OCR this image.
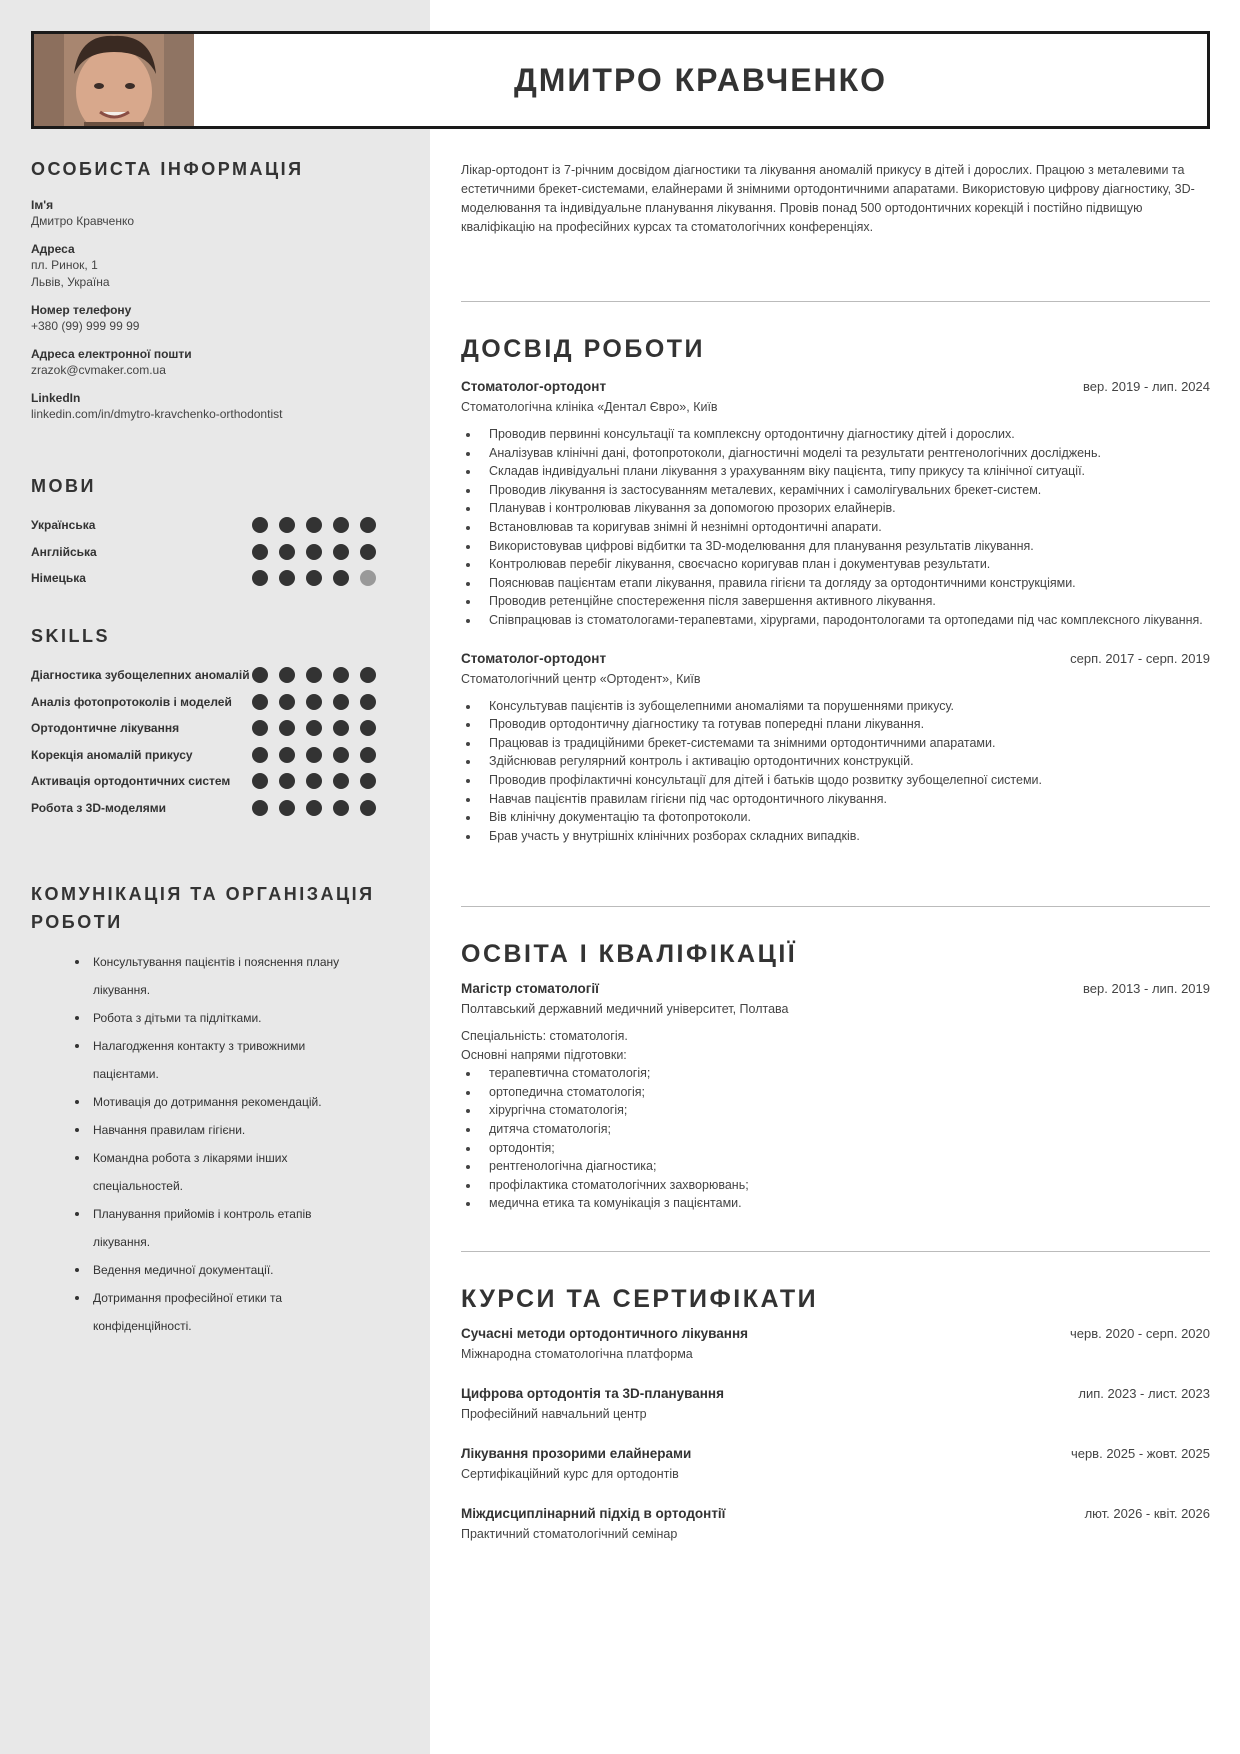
ДМИТРО КРАВЧЕНКО
ОСОБИСТА ІНФОРМАЦІЯ
Ім'я
Дмитро Кравченко
Адреса
пл. Ринок, 1
Львів, Україна
Номер телефону
+380 (99) 999 99 99
Адреса електронної пошти
zrazok@cvmaker.com.ua
LinkedIn
linkedin.com/in/dmytro-kravchenko-orthodontist
МОВИ
Українська
Англійська
Німецька
SKILLS
Діагностика зубощелепних аномалій
Аналіз фотопротоколів і моделей
Ортодонтичне лікування
Корекція аномалій прикусу
Активація ортодонтичних систем
Робота з 3D-моделями
КОМУНІКАЦІЯ ТА ОРГАНІЗАЦІЯ
РОБОТИ
Консультування пацієнтів і пояснення плану лікування.
Робота з дітьми та підлітками.
Налагодження контакту з тривожними пацієнтами.
Мотивація до дотримання рекомендацій.
Навчання правилам гігієни.
Командна робота з лікарями інших спеціальностей.
Планування прийомів і контроль етапів лікування.
Ведення медичної документації.
Дотримання професійної етики та конфіденційності.

Лікар-ортодонт із 7-річним досвідом діагностики та лікування аномалій прикусу в дітей і дорослих. Працюю з металевими та естетичними брекет-системами, елайнерами й знімними ортодонтичними апаратами. Використовую цифрову діагностику, 3D-моделювання та індивідуальне планування лікування. Провів понад 500 ортодонтичних корекцій і постійно підвищую кваліфікацію на професійних курсах та стоматологічних конференціях.

ДОСВІД РОБОТИ
Стоматолог-ортодонт	вер. 2019 - лип. 2024
Стоматологічна клініка «Дентал Євро», Київ
Проводив первинні консультації та комплексну ортодонтичну діагностику дітей і дорослих.
Аналізував клінічні дані, фотопротоколи, діагностичні моделі та результати рентгенологічних досліджень.
Складав індивідуальні плани лікування з урахуванням віку пацієнта, типу прикусу та клінічної ситуації.
Проводив лікування із застосуванням металевих, керамічних і самолігувальних брекет-систем.
Планував і контролював лікування за допомогою прозорих елайнерів.
Встановлював та коригував знімні й незнімні ортодонтичні апарати.
Використовував цифрові відбитки та 3D-моделювання для планування результатів лікування.
Контролював перебіг лікування, своєчасно коригував план і документував результати.
Пояснював пацієнтам етапи лікування, правила гігієни та догляду за ортодонтичними конструкціями.
Проводив ретенційне спостереження після завершення активного лікування.
Співпрацював із стоматологами-терапевтами, хірургами, пародонтологами та ортопедами під час комплексного лікування.
Стоматолог-ортодонт	серп. 2017 - серп. 2019
Стоматологічний центр «Ортодент», Київ
Консультував пацієнтів із зубощелепними аномаліями та порушеннями прикусу.
Проводив ортодонтичну діагностику та готував попередні плани лікування.
Працював із традиційними брекет-системами та знімними ортодонтичними апаратами.
Здійснював регулярний контроль і активацію ортодонтичних конструкцій.
Проводив профілактичні консультації для дітей і батьків щодо розвитку зубощелепної системи.
Навчав пацієнтів правилам гігієни під час ортодонтичного лікування.
Вів клінічну документацію та фотопротоколи.
Брав участь у внутрішніх клінічних розборах складних випадків.
ОСВІТА І КВАЛІФІКАЦІЇ
Магістр стоматології	вер. 2013 - лип. 2019
Полтавський державний медичний університет, Полтава
Спеціальність: стоматологія.
Основні напрями підготовки:
терапевтична стоматологія;
ортопедична стоматологія;
хірургічна стоматологія;
дитяча стоматологія;
ортодонтія;
рентгенологічна діагностика;
профілактика стоматологічних захворювань;
медична етика та комунікація з пацієнтами.
КУРСИ ТА СЕРТИФІКАТИ
Сучасні методи ортодонтичного лікування	черв. 2020 - серп. 2020
Міжнародна стоматологічна платформа
Цифрова ортодонтія та 3D-планування	лип. 2023 - лист. 2023
Професійний навчальний центр
Лікування прозорими елайнерами	черв. 2025 - жовт. 2025
Сертифікаційний курс для ортодонтів
Міждисциплінарний підхід в ортодонтії	лют. 2026 - квіт. 2026
Практичний стоматологічний семінар
